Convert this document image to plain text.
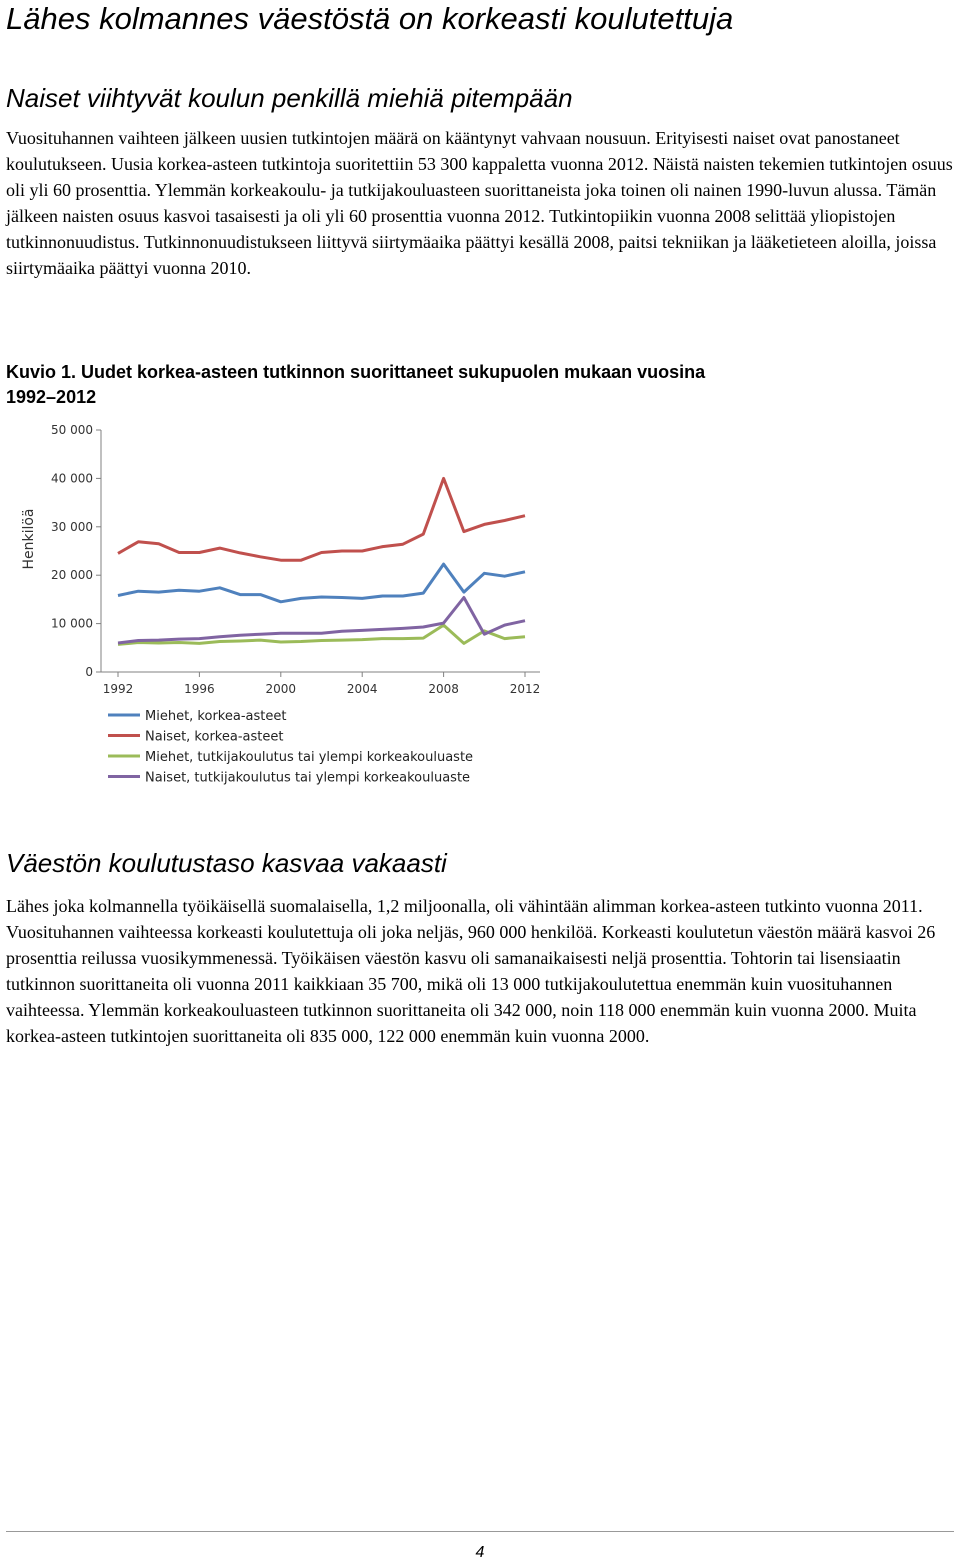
Lähes kolmannes väestöstä on korkeasti koulutettuja
Naiset viihtyvät koulun penkillä miehiä pitempään

Vuosituhannen vaihteen jälkeen uusien tutkintojen määrä on kääntynyt vahvaan nousuun. Erityisesti naiset ovat panostaneet koulutukseen. Uusia korkea-asteen tutkintoja suoritettiin 53 300 kappaletta vuonna 2012. Näistä naisten tekemien tutkintojen osuus oli yli 60 prosenttia. Ylemmän korkeakoulu- ja tutkijakouluasteen suorittaneista joka toinen oli nainen 1990-luvun alussa. Tämän jälkeen naisten osuus kasvoi tasaisesti ja oli yli 60 prosenttia vuonna 2012. Tutkintopiikin vuonna 2008 selittää yliopistojen tutkinnonuudistus. Tutkinnonuudistukseen liittyvä siirtymäaika päättyi kesällä 2008, paitsi tekniikan ja lääketieteen aloilla, joissa siirtymäaika päättyi vuonna 2010.

Kuvio 1. Uudet korkea-asteen tutkinnon suorittaneet sukupuolen mukaan vuosina 1992–2012
0
10 000
20 000
30 000
40 000
50 000
1992	1996	2000	2004	2008	2012
Henkilöä
Miehet, korkea-asteet
Naiset, korkea-asteet
Miehet, tutkijakoulutus tai ylempi korkeakouluaste
Naiset, tutkijakoulutus tai ylempi korkeakouluaste
Väestön koulutustaso kasvaa vakaasti

Lähes joka kolmannella työikäisellä suomalaisella, 1,2 miljoonalla, oli vähintään alimman korkea-asteen tutkinto vuonna 2011. Vuosituhannen vaihteessa korkeasti koulutettuja oli joka neljäs, 960 000 henkilöä. Korkeasti koulutetun väestön määrä kasvoi 26 prosenttia reilussa vuosikymmenessä. Työikäisen väestön kasvu oli samanaikaisesti neljä prosenttia. Tohtorin tai lisensiaatin tutkinnon suorittaneita oli vuonna 2011 kaikkiaan 35 700, mikä oli 13 000 tutkijakoulutettua enemmän kuin vuosituhannen vaihteessa. Ylemmän korkeakouluasteen tutkinnon suorittaneita oli 342 000, noin 118 000 enemmän kuin vuonna 2000. Muita korkea-asteen tutkintojen suorittaneita oli 835 000, 122 000 enemmän kuin vuonna 2000.

4
